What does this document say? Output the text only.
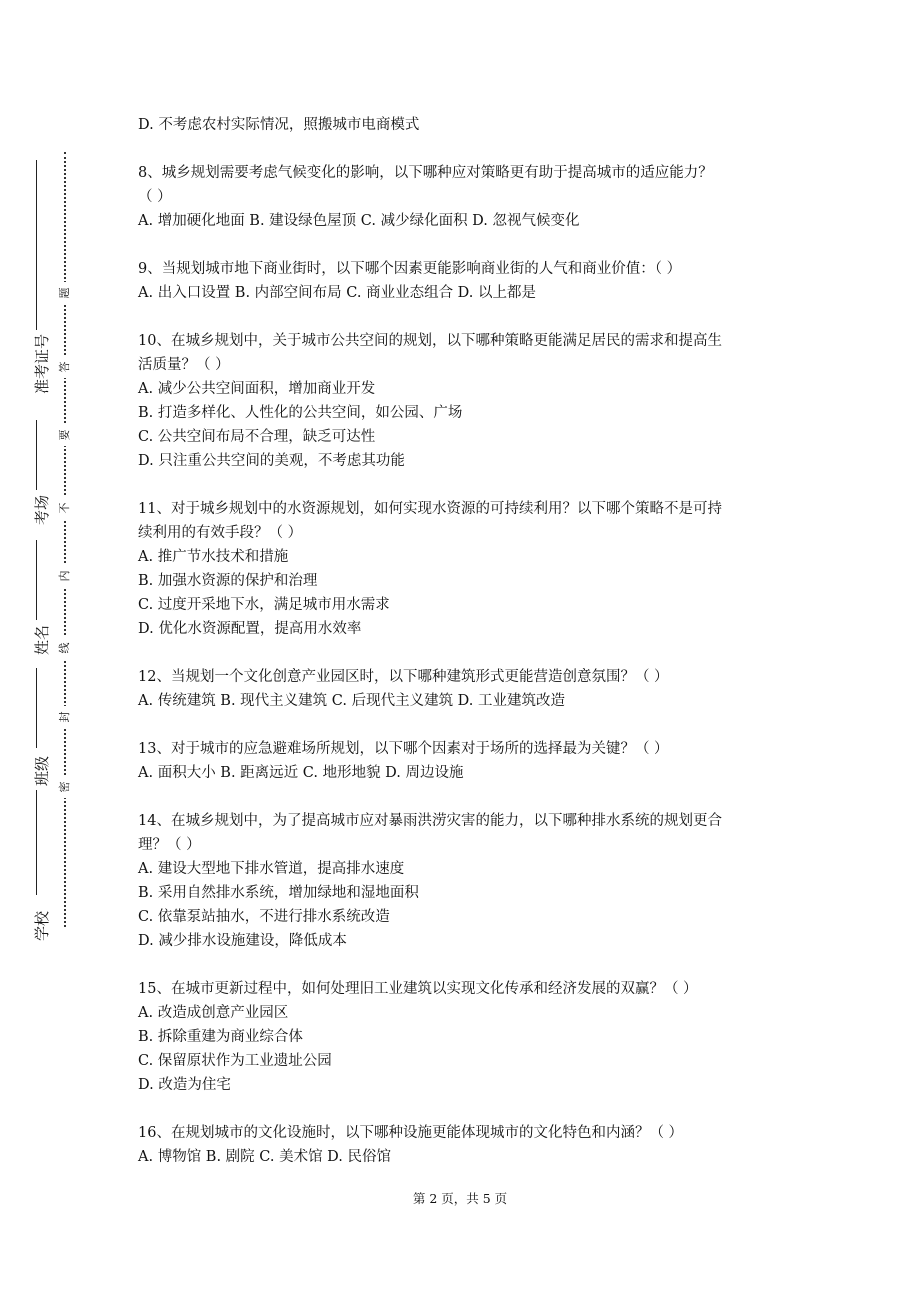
题
答
要
不
内
线
封
密
准考证号
考场
姓名
班级
学校
D. 不考虑农村实际情况，照搬城市电商模式
8、城乡规划需要考虑气候变化的影响，以下哪种应对策略更有助于提高城市的适应能力？
（ ）
A. 增加硬化地面 B. 建设绿色屋顶 C. 减少绿化面积 D. 忽视气候变化
9、当规划城市地下商业街时，以下哪个因素更能影响商业街的人气和商业价值：（ ）
A. 出入口设置 B. 内部空间布局 C. 商业业态组合 D. 以上都是
10、在城乡规划中，关于城市公共空间的规划，以下哪种策略更能满足居民的需求和提高生
活质量？（ ）
A. 减少公共空间面积，增加商业开发
B. 打造多样化、人性化的公共空间，如公园、广场
C. 公共空间布局不合理，缺乏可达性
D. 只注重公共空间的美观，不考虑其功能
11、对于城乡规划中的水资源规划，如何实现水资源的可持续利用？以下哪个策略不是可持
续利用的有效手段？（ ）
A. 推广节水技术和措施
B. 加强水资源的保护和治理
C. 过度开采地下水，满足城市用水需求
D. 优化水资源配置，提高用水效率
12、当规划一个文化创意产业园区时，以下哪种建筑形式更能营造创意氛围？（ ）
A. 传统建筑 B. 现代主义建筑 C. 后现代主义建筑 D. 工业建筑改造
13、对于城市的应急避难场所规划，以下哪个因素对于场所的选择最为关键？（ ）
A. 面积大小 B. 距离远近 C. 地形地貌 D. 周边设施
14、在城乡规划中，为了提高城市应对暴雨洪涝灾害的能力，以下哪种排水系统的规划更合
理？（ ）
A. 建设大型地下排水管道，提高排水速度
B. 采用自然排水系统，增加绿地和湿地面积
C. 依靠泵站抽水，不进行排水系统改造
D. 减少排水设施建设，降低成本
15、在城市更新过程中，如何处理旧工业建筑以实现文化传承和经济发展的双赢？（ ）
A. 改造成创意产业园区
B. 拆除重建为商业综合体
C. 保留原状作为工业遗址公园
D. 改造为住宅
16、在规划城市的文化设施时，以下哪种设施更能体现城市的文化特色和内涵？（ ）
A. 博物馆 B. 剧院 C. 美术馆 D. 民俗馆
第 2 页，共 5 页
